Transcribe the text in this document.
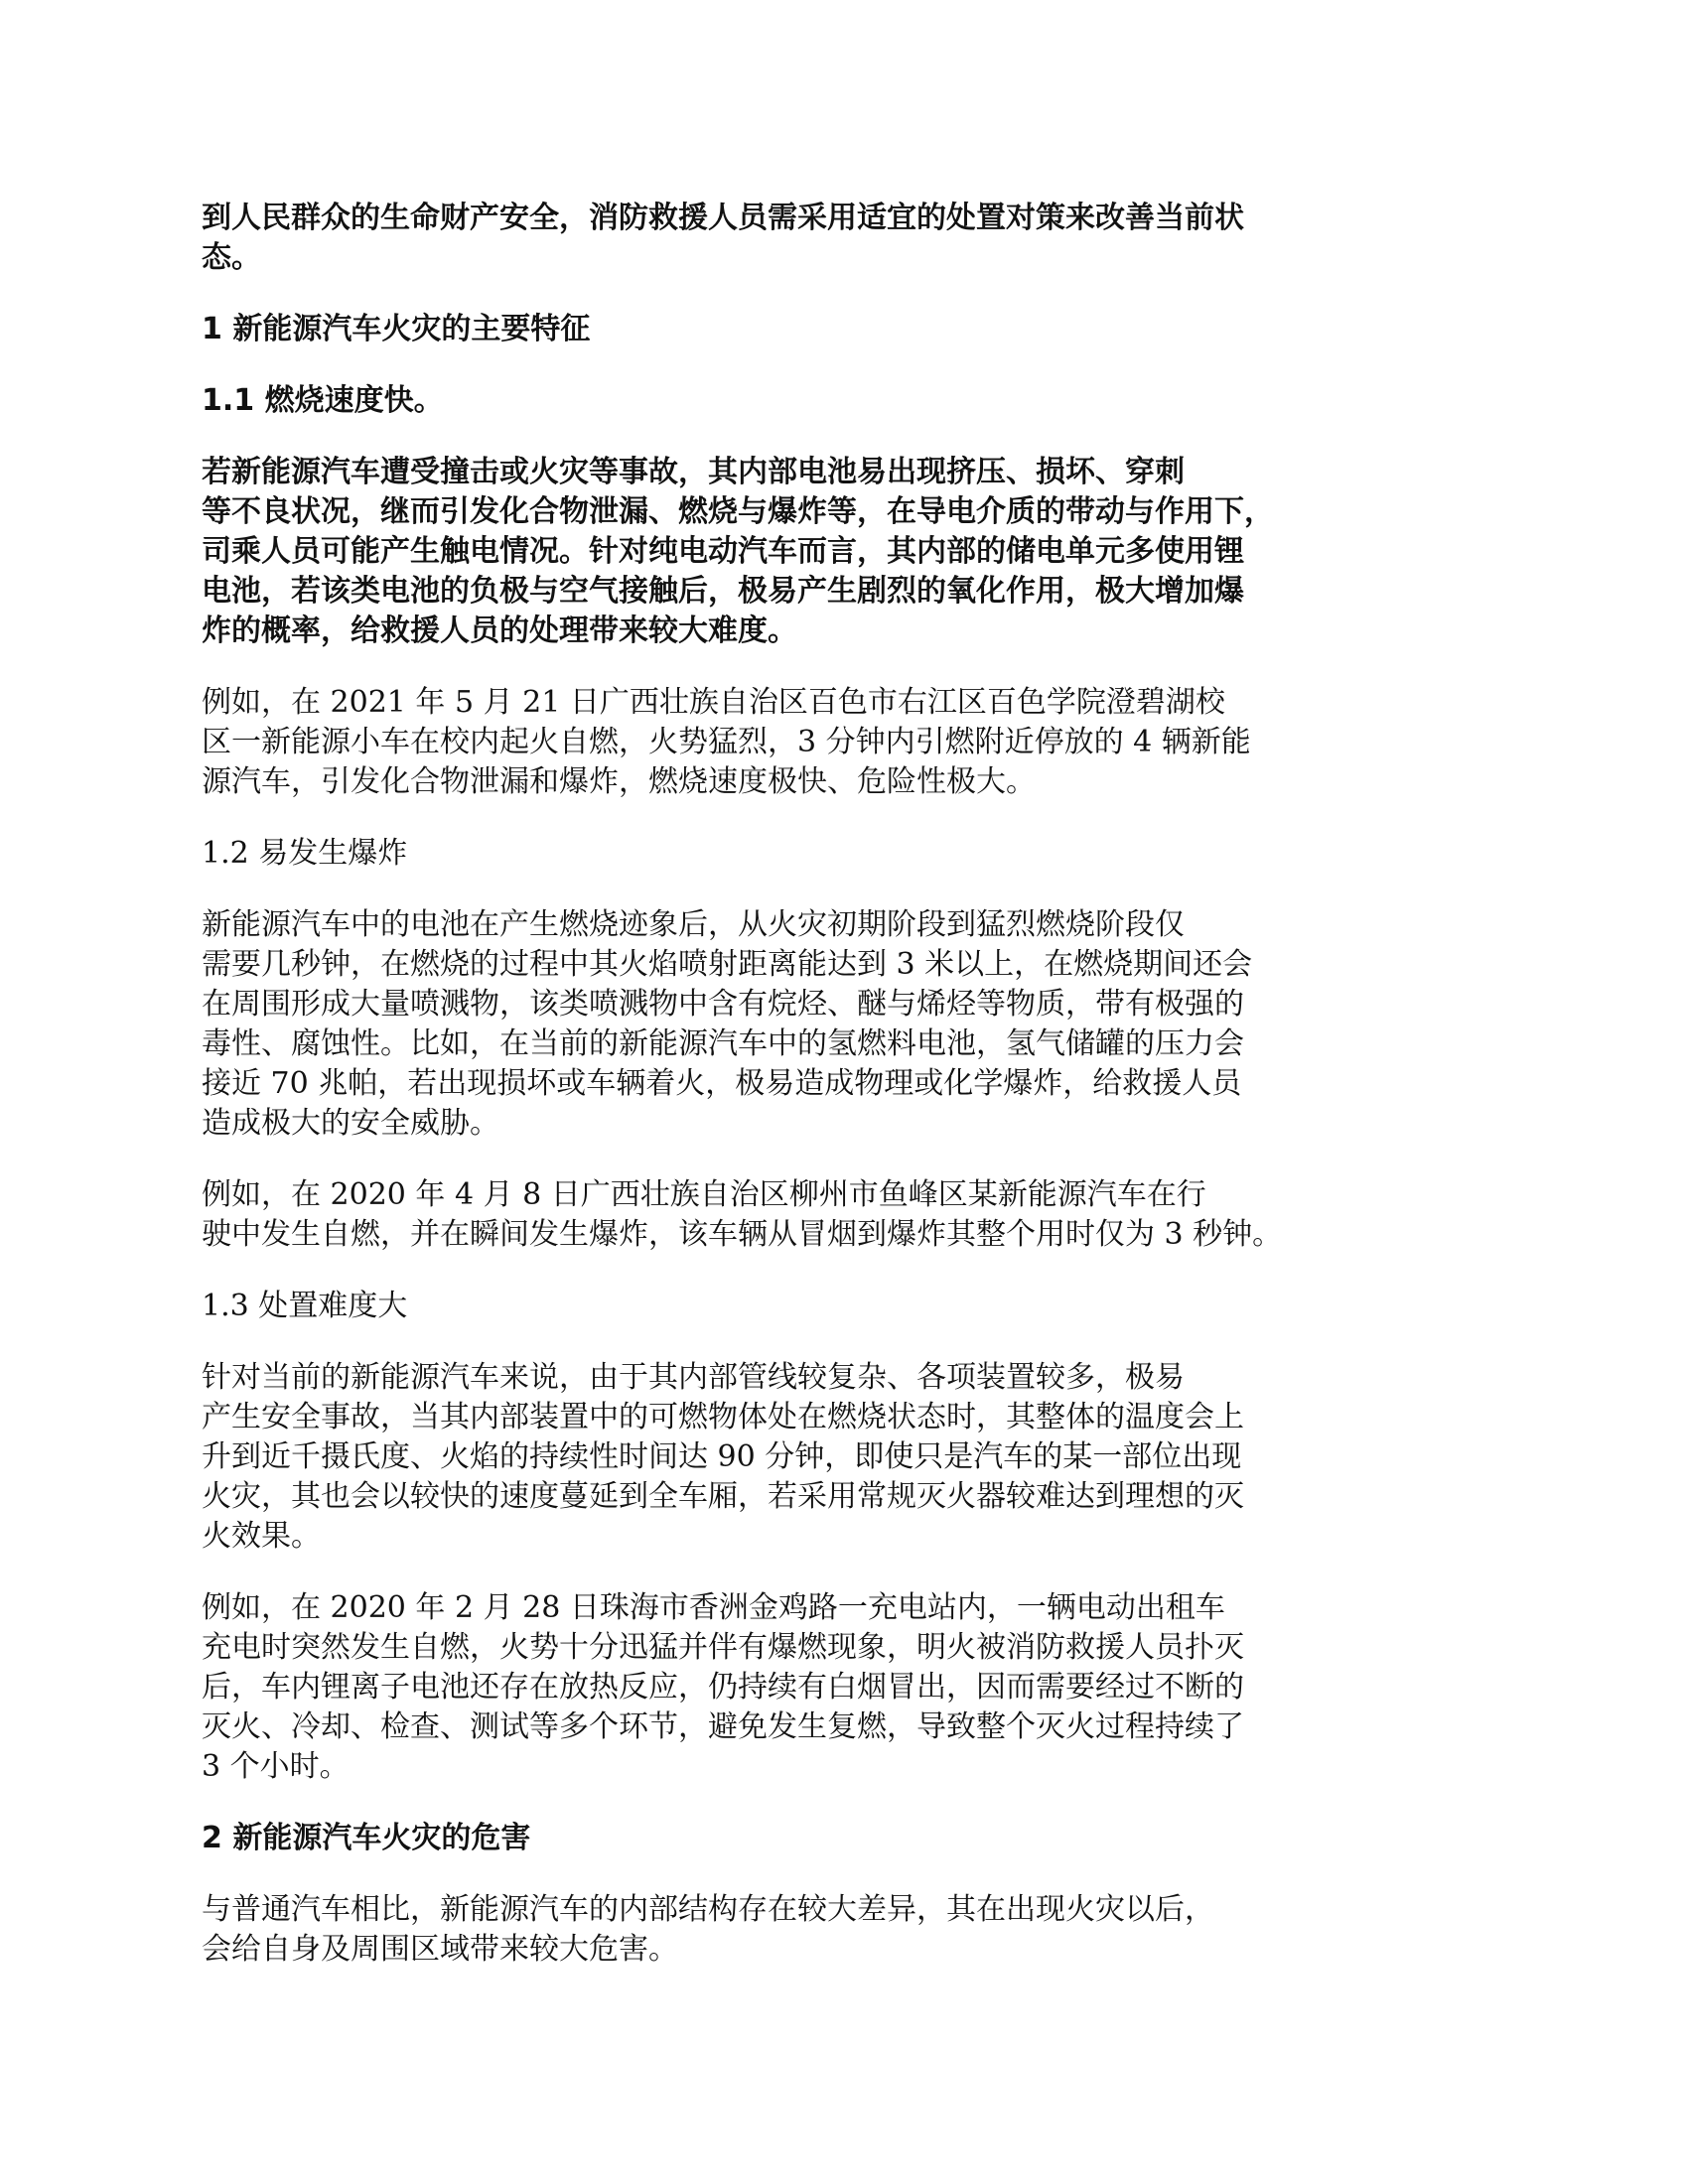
到人民群众的生命财产安全，消防救援人员需采用适宜的处置对策来改善当前状
态。
1 新能源汽车火灾的主要特征
1.1 燃烧速度快。
若新能源汽车遭受撞击或火灾等事故，其内部电池易出现挤压、损坏、穿刺
等不良状况，继而引发化合物泄漏、燃烧与爆炸等，在导电介质的带动与作用下，
司乘人员可能产生触电情况。针对纯电动汽车而言，其内部的储电单元多使用锂
电池，若该类电池的负极与空气接触后，极易产生剧烈的氧化作用，极大增加爆
炸的概率，给救援人员的处理带来较大难度。
例如，在 2021 年 5 月 21 日广西壮族自治区百色市右江区百色学院澄碧湖校
区一新能源小车在校内起火自燃，火势猛烈，3 分钟内引燃附近停放的 4 辆新能
源汽车，引发化合物泄漏和爆炸，燃烧速度极快、危险性极大。
1.2 易发生爆炸
新能源汽车中的电池在产生燃烧迹象后，从火灾初期阶段到猛烈燃烧阶段仅
需要几秒钟，在燃烧的过程中其火焰喷射距离能达到 3 米以上，在燃烧期间还会
在周围形成大量喷溅物，该类喷溅物中含有烷烃、醚与烯烃等物质，带有极强的
毒性、腐蚀性。比如，在当前的新能源汽车中的氢燃料电池，氢气储罐的压力会
接近 70 兆帕，若出现损坏或车辆着火，极易造成物理或化学爆炸，给救援人员
造成极大的安全威胁。
例如，在 2020 年 4 月 8 日广西壮族自治区柳州市鱼峰区某新能源汽车在行
驶中发生自燃，并在瞬间发生爆炸，该车辆从冒烟到爆炸其整个用时仅为 3 秒钟。
1.3 处置难度大
针对当前的新能源汽车来说，由于其内部管线较复杂、各项装置较多，极易
产生安全事故，当其内部装置中的可燃物体处在燃烧状态时，其整体的温度会上
升到近千摄氏度、火焰的持续性时间达 90 分钟，即使只是汽车的某一部位出现
火灾，其也会以较快的速度蔓延到全车厢，若采用常规灭火器较难达到理想的灭
火效果。
例如，在 2020 年 2 月 28 日珠海市香洲金鸡路一充电站内，一辆电动出租车
充电时突然发生自燃，火势十分迅猛并伴有爆燃现象，明火被消防救援人员扑灭
后，车内锂离子电池还存在放热反应，仍持续有白烟冒出，因而需要经过不断的
灭火、冷却、检查、测试等多个环节，避免发生复燃，导致整个灭火过程持续了
3 个小时。
2 新能源汽车火灾的危害
与普通汽车相比，新能源汽车的内部结构存在较大差异，其在出现火灾以后，
会给自身及周围区域带来较大危害。
